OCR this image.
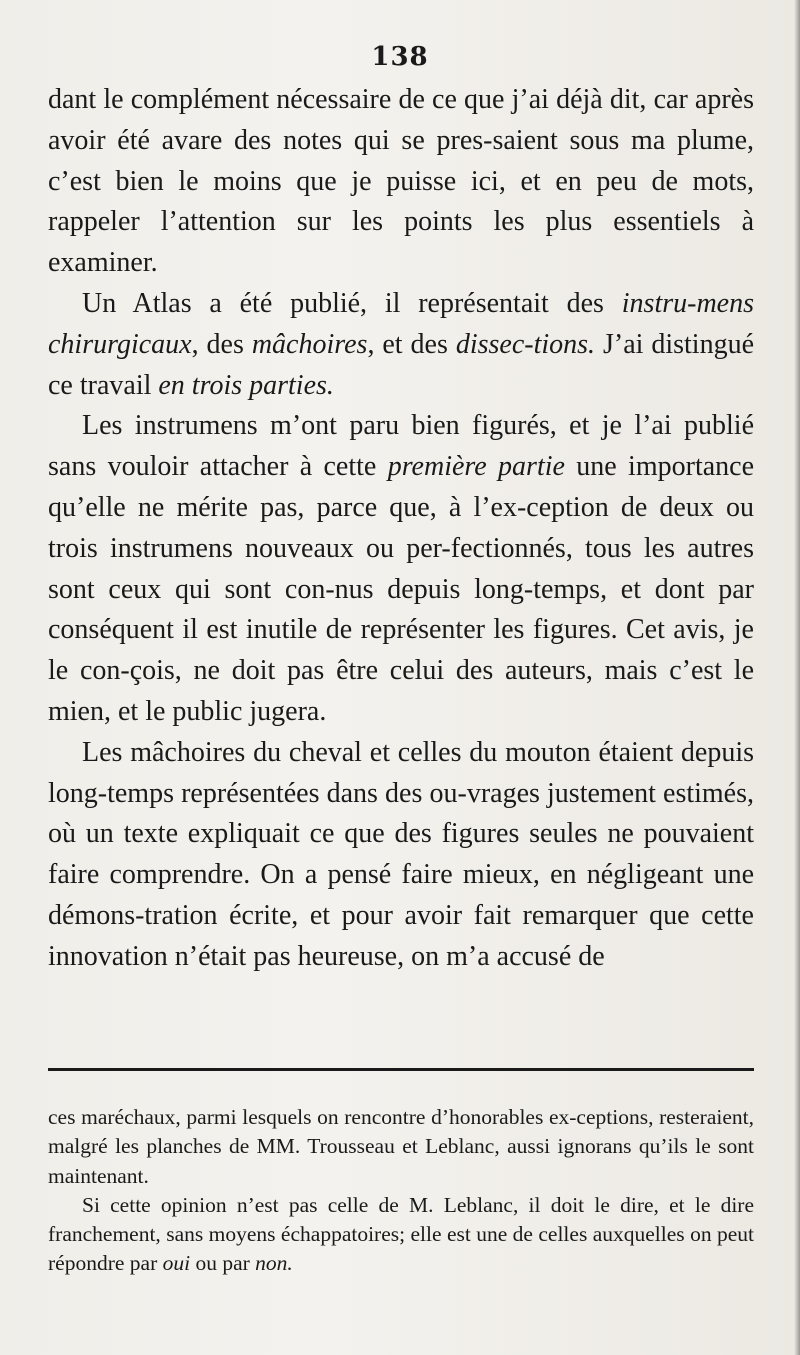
138

dant le complément nécessaire de ce que j’ai déjà dit, car après avoir été avare des notes qui se pres-saient sous ma plume, c’est bien le moins que je puisse ici, et en peu de mots, rappeler l’attention sur les points les plus essentiels à examiner.

Un Atlas a été publié, il représentait des instru-mens chirurgicaux, des mâchoires, et des dissec-tions. J’ai distingué ce travail en trois parties.

Les instrumens m’ont paru bien figurés, et je l’ai publié sans vouloir attacher à cette première partie une importance qu’elle ne mérite pas, parce que, à l’ex-ception de deux ou trois instrumens nouveaux ou per-fectionnés, tous les autres sont ceux qui sont con-nus depuis long-temps, et dont par conséquent il est inutile de représenter les figures. Cet avis, je le con-çois, ne doit pas être celui des auteurs, mais c’est le mien, et le public jugera.

Les mâchoires du cheval et celles du mouton étaient depuis long-temps représentées dans des ou-vrages justement estimés, où un texte expliquait ce que des figures seules ne pouvaient faire comprendre. On a pensé faire mieux, en négligeant une démons-tration écrite, et pour avoir fait remarquer que cette innovation n’était pas heureuse, on m’a accusé de

ces maréchaux, parmi lesquels on rencontre d’honorables ex-ceptions, resteraient, malgré les planches de MM. Trousseau et Leblanc, aussi ignorans qu’ils le sont maintenant.

Si cette opinion n’est pas celle de M. Leblanc, il doit le dire, et le dire franchement, sans moyens échappatoires; elle est une de celles auxquelles on peut répondre par oui ou par non.
